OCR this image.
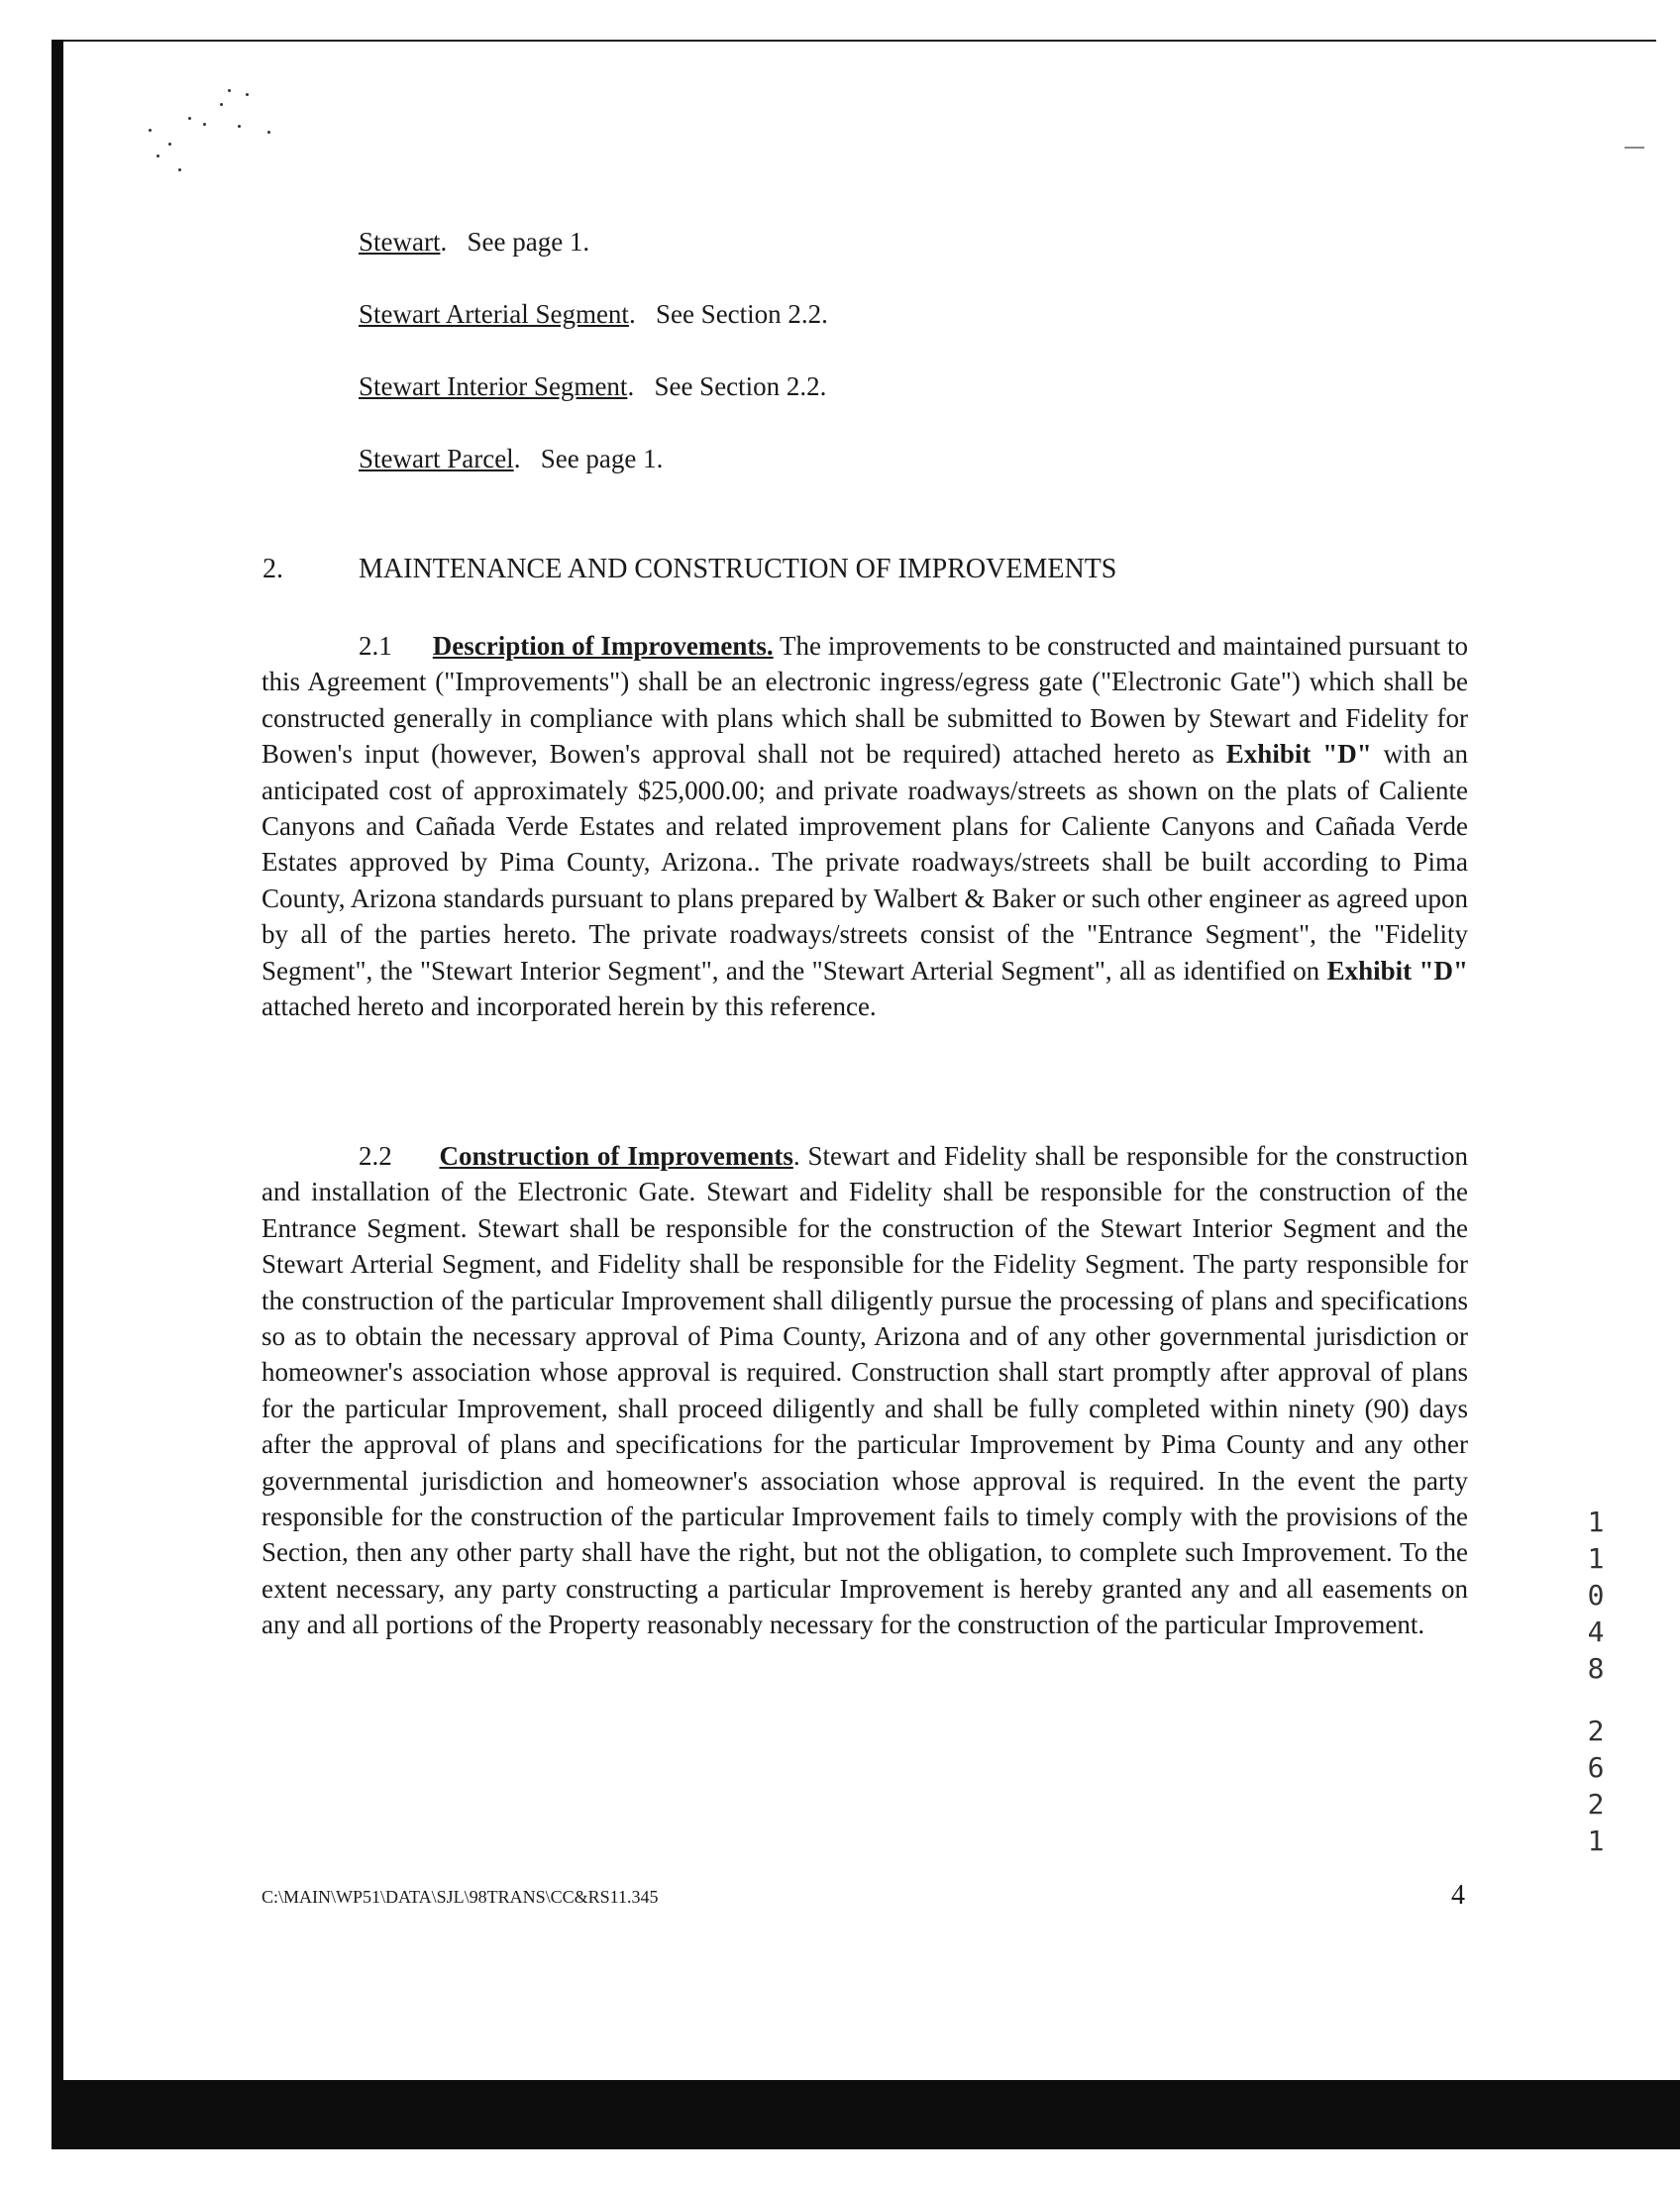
Stewart.   See page 1.
Stewart Arterial Segment.   See Section 2.2.
Stewart Interior Segment.   See Section 2.2.
Stewart Parcel.   See page 1.
2.	MAINTENANCE AND CONSTRUCTION OF IMPROVEMENTS
2.1 Description of Improvements. The improvements to be constructed and maintained pursuant to this Agreement ("Improvements") shall be an electronic ingress/egress gate ("Electronic Gate") which shall be constructed generally in compliance with plans which shall be submitted to Bowen by Stewart and Fidelity for Bowen's input (however, Bowen's approval shall not be required) attached hereto as Exhibit "D" with an anticipated cost of approximately $25,000.00; and private roadways/streets as shown on the plats of Caliente Canyons and Cañada Verde Estates and related improvement plans for Caliente Canyons and Cañada Verde Estates approved by Pima County, Arizona.. The private roadways/streets shall be built according to Pima County, Arizona standards pursuant to plans prepared by Walbert & Baker or such other engineer as agreed upon by all of the parties hereto. The private roadways/streets consist of the "Entrance Segment", the "Fidelity Segment", the "Stewart Interior Segment", and the "Stewart Arterial Segment", all as identified on Exhibit "D" attached hereto and incorporated herein by this reference.
2.2 Construction of Improvements. Stewart and Fidelity shall be responsible for the construction and installation of the Electronic Gate. Stewart and Fidelity shall be responsible for the construction of the Entrance Segment. Stewart shall be responsible for the construction of the Stewart Interior Segment and the Stewart Arterial Segment, and Fidelity shall be responsible for the Fidelity Segment. The party responsible for the construction of the particular Improvement shall diligently pursue the processing of plans and specifications so as to obtain the necessary approval of Pima County, Arizona and of any other governmental jurisdiction or homeowner's association whose approval is required. Construction shall start promptly after approval of plans for the particular Improvement, shall proceed diligently and shall be fully completed within ninety (90) days after the approval of plans and specifications for the particular Improvement by Pima County and any other governmental jurisdiction and homeowner's association whose approval is required. In the event the party responsible for the construction of the particular Improvement fails to timely comply with the provisions of the Section, then any other party shall have the right, but not the obligation, to complete such Improvement. To the extent necessary, any party constructing a particular Improvement is hereby granted any and all easements on any and all portions of the Property reasonably necessary for the construction of the particular Improvement.
C:\MAIN\WP51\DATA\SJL\98TRANS\CC&RS11.345	4
1
1
0
4
8
2
6
2
1
